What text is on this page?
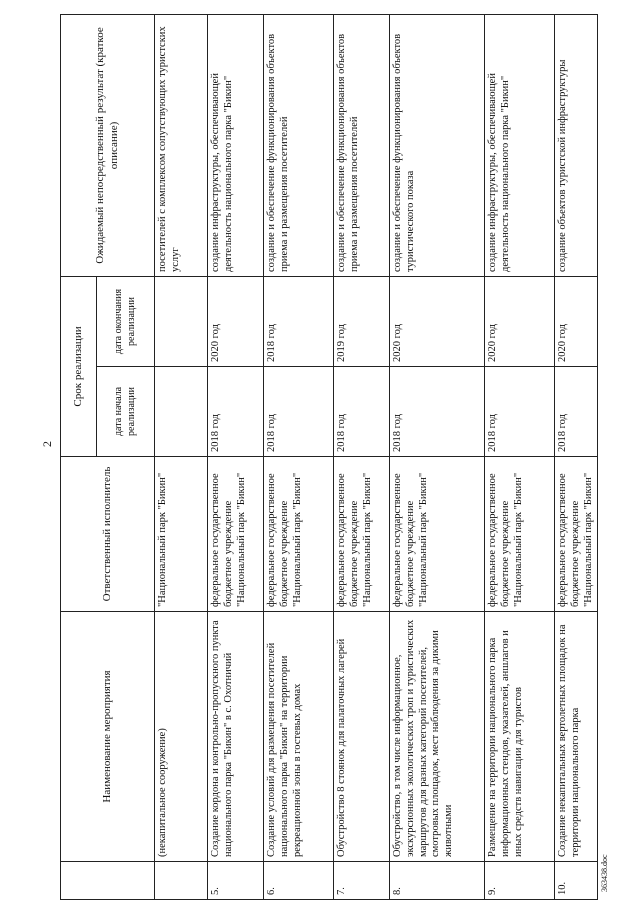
2
	Наименование мероприятия	Ответственный исполнитель	Срок реализации		Ожидаемый непосредственный результат (краткое описание)
			дата начала реализации	дата окончания реализации	
	(некапитальное сооружение)	"Национальный парк "Бикин"			посетителей с комплексом сопутствующих туристских услуг
5.	Создание кордона и контрольно-пропускного пункта национального парка "Бикин" в с. Охотничий	федеральное государственное бюджетное учреждение "Национальный парк "Бикин"	2018 год	2020 год	создание инфраструктуры, обеспечивающей деятельность национального парка "Бикин"
6.	Создание условий для размещения посетителей национального парка "Бикин" на территории рекреационной зоны в гостевых домах	федеральное государственное бюджетное учреждение "Национальный парк "Бикин"	2018 год	2018 год	создание и обеспечение функционирования объектов приема и размещения посетителей
7.	Обустройство 8 стоянок для палаточных лагерей	федеральное государственное бюджетное учреждение "Национальный парк "Бикин"	2018 год	2019 год	создание и обеспечение функционирования объектов приема и размещения посетителей
8.	Обустройство, в том числе информационное, экскурсионных экологических троп и туристических маршрутов для разных категорий посетителей, смотровых площадок, мест наблюдения за дикими животными	федеральное государственное бюджетное учреждение "Национальный парк "Бикин"	2018 год	2020 год	создание и обеспечение функционирования объектов туристического показа
9.	Размещение на территории национального парка информационных стендов, указателей, аншлагов и иных средств навигации для туристов	федеральное государственное бюджетное учреждение "Национальный парк "Бикин"	2018 год	2020 год	создание инфраструктуры, обеспечивающей деятельность национального парка "Бикин"
10.	Создание некапитальных вертолетных площадок на территории национального парка	федеральное государственное бюджетное учреждение "Национальный парк "Бикин"	2018 год	2020 год	создание объектов туристской инфраструктуры
363438.doc
